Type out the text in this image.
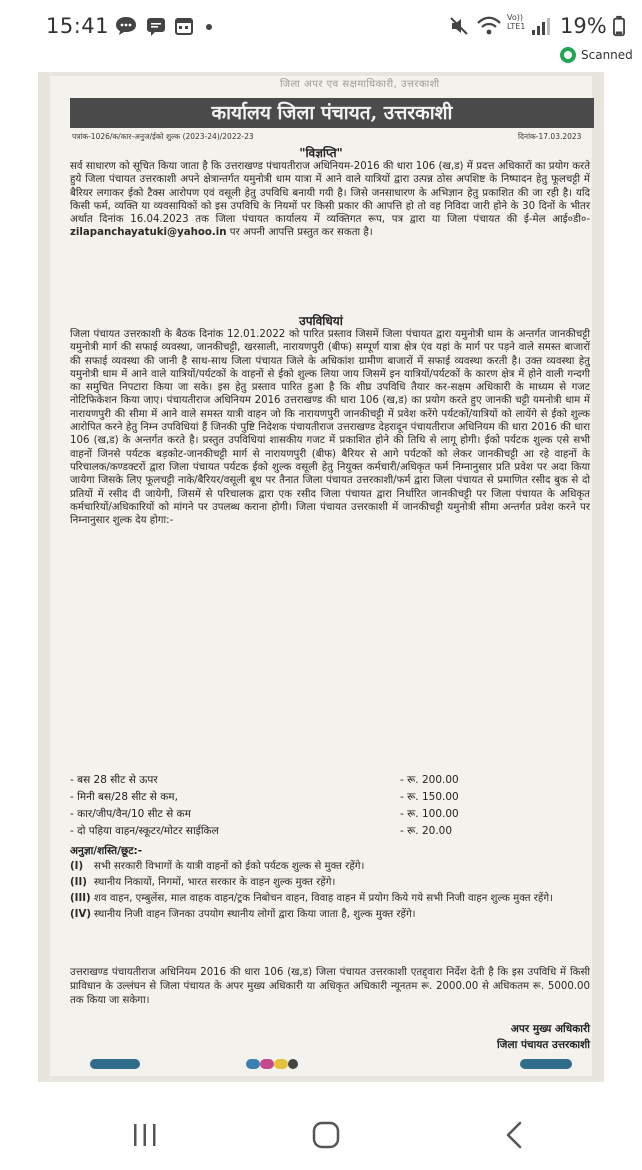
15:41	Vo))
LTE1 19%
Scanned
जिला अपर एव सक्षमाधिकारी, उत्तरकाशी
कार्यालय जिला पंचायत, उत्तरकाशी
पत्रांक-1026/क/कार-अनुज/ईको शुल्क (2023-24)/2022-23	दिनांक-17.03.2023
"विज्ञप्ति"

सर्व साधारण को सूचित किया जाता है कि उत्तराखण्ड पंचायतीराज अधिनियम-2016 की धारा 106 (ख,ड) में प्रदत्त अधिकारों का प्रयोग करते हुये जिला पंचायत उत्तरकाशी अपने क्षेत्रान्तर्गत यमुनोत्री धाम यात्रा में आने वाले यात्रियों द्वारा उत्पन्न ठोस अपशिष्ट के निष्पादन हेतु फूलचट्टी में बैरियर लगाकर ईको टैक्स आरोपण एवं वसूली हेतु उपविधि बनायी गयी है। जिसे जनसाधारण के अभिज्ञान हेतु प्रकाशित की जा रही है। यदि किसी फर्म, व्यक्ति या व्यवसायिकों को इस उपविधि के नियमों पर किसी प्रकार की आपत्ति हो तो वह निविदा जारी होने के 30 दिनों के भीतर अर्थात दिनांक 16.04.2023 तक जिला पंचायत कार्यालय में व्यक्तिगत रूप, पत्र द्वारा या जिला पंचायत की ई-मेल आई०डी०-zilapanchayatuki@yahoo.in पर अपनी आपत्ति प्रस्तुत कर सकता है।

उपविधियां

जिला पंचायत उत्तरकाशी के बैठक दिनांक 12.01.2022 को पारित प्रस्ताव जिसमें जिला पंचायत द्वारा यमुनोत्री धाम के अन्तर्गत जानकीचट्टी यमुनोत्री मार्ग की सफाई व्यवस्था, जानकीचट्टी, खरसाली, नारायणपुरी (बीफ) सम्पूर्ण यात्रा क्षेत्र एंव यहां के मार्ग पर पड़ने वाले समस्त बाजारों की सफाई व्यवस्था की जानी है साथ-साथ जिला पंचायत जिले के अधिकांश ग्रामीण बाजारों में सफाई व्यवस्था करती है। उक्त व्यवस्था हेतु यमुनोत्री धाम में आने वाले यात्रियों/पर्यटकों के वाहनों से ईको शुल्क लिया जाय जिसमें इन यात्रियों/पर्यटकों के कारण क्षेत्र में होने वाली गन्दगी का समुचित निपटारा किया जा सके। इस हेतु प्रस्ताव पारित हुआ है कि शीघ्र उपविधि तैयार कर-सक्षम अधिकारी के माध्यम से गजट नोटिफिकेशन किया जाए। पंचायतीराज अधिनियम 2016 उत्तराखण्ड की धारा 106 (ख,ड) का प्रयोग करते हुए जानकी चट्टी यमनोत्री धाम में नारायणपुरी की सीमा में आने वाले समस्त यात्री वाहन जो कि नारायणपुरी जानकीचट्टी में प्रवेश करेंगे पर्यटकों/यात्रियों को लायेंगे से ईको शुल्क आरोपित करने हेतु निम्न उपविधियां हैं जिनकी पुष्टि निदेशक पंचायतीराज उत्तराखण्ड देहरादून पंचायतीराज अधिनियम की धारा 2016 की धारा 106 (ख,ड) के अन्तर्गत करते है। प्रस्तुत उपविधियां शासकीय गजट में प्रकाशित होने की तिथि से लागू होगी। ईको पर्यटक शुल्क एसे सभी वाहनों जिनसे पर्यटक बड़कोट-जानकीचट्टी मार्ग से नारायणपुरी (बीफ) बैरियर से आगे पर्यटकों को लेकर जानकीचट्टी आ रहे वाहनों के परिचालक/कण्डक्टरों द्वारा जिला पंचायत पर्यटक ईको शुल्क वसूली हेतु नियुक्त कर्मचारी/अधिकृत फर्म निम्नानुसार प्रति प्रवेश पर अदा किया जायेगा जिसके लिए फूलचट्टी नाके/बैरियर/वसूली बूथ पर तैनात जिला पंचायत उत्तरकाशी/फर्म द्वारा जिला पंचायत से प्रमाणित रसीद बुक से दो प्रतियों में रसीद दी जायेगी, जिसमें से परिचालक द्वारा एक रसीद जिला पंचायत द्वारा निर्धारित जानकीचट्टी पर जिला पंचायत के अधिकृत कर्मचारियों/अधिकारियों को मांगने पर उपलब्ध कराना होगी। जिला पंचायत उत्तरकाशी में जानकीचट्टी यमुनोत्री सीमा अन्तर्गत प्रवेश करने पर निम्नानुसार शुल्क देय होगा:-

- बस 28 सीट से ऊपर	- रू. 200.00
- मिनी बस/28 सीट से कम,	- रू. 150.00
- कार/जीप/वैन/10 सीट से कम	- रू. 100.00
- दो पहिया वाहन/स्कूटर/मोटर साईकिल	- रू. 20.00
अनुज्ञा/शस्ति/छूट:-
(I)	सभी सरकारी विभागों के यात्री वाहनों को ईको पर्यटक शुल्क से मुक्त रहेंगे।
(II) स्थानीय निकायों, निगमों, भारत सरकार के वाहन शुल्क मुक्त रहेंगे।
(III) शव वाहन, एम्बुलेंस, माल वाहक वाहन/ट्रक निबोचन वाहन, विवाह वाहन में प्रयोग किये गये सभी निजी वाहन शुल्क मुक्त रहेंगे।
(IV) स्थानीय निजी वाहन जिनका उपयोग स्थानीय लोगों द्वारा किया जाता है, शुल्क मुक्त रहेंगे।

उत्तराखण्ड पंचायतीराज अधिनियम 2016 की धारा 106 (ख,ड) जिला पंचायत उत्तरकाशी एतद्द्वारा निर्देश देती है कि इस उपविधि में किसी प्राविधान के उल्लंघन से जिला पंचायत के अपर मुख्य अधिकारी या अधिकृत अधिकारी न्यूनतम रू. 2000.00 से अधिकतम रू. 5000.00 तक किया जा सकेगा।

अपर मुख्य अधिकारी
जिला पंचायत उत्तरकाशी
